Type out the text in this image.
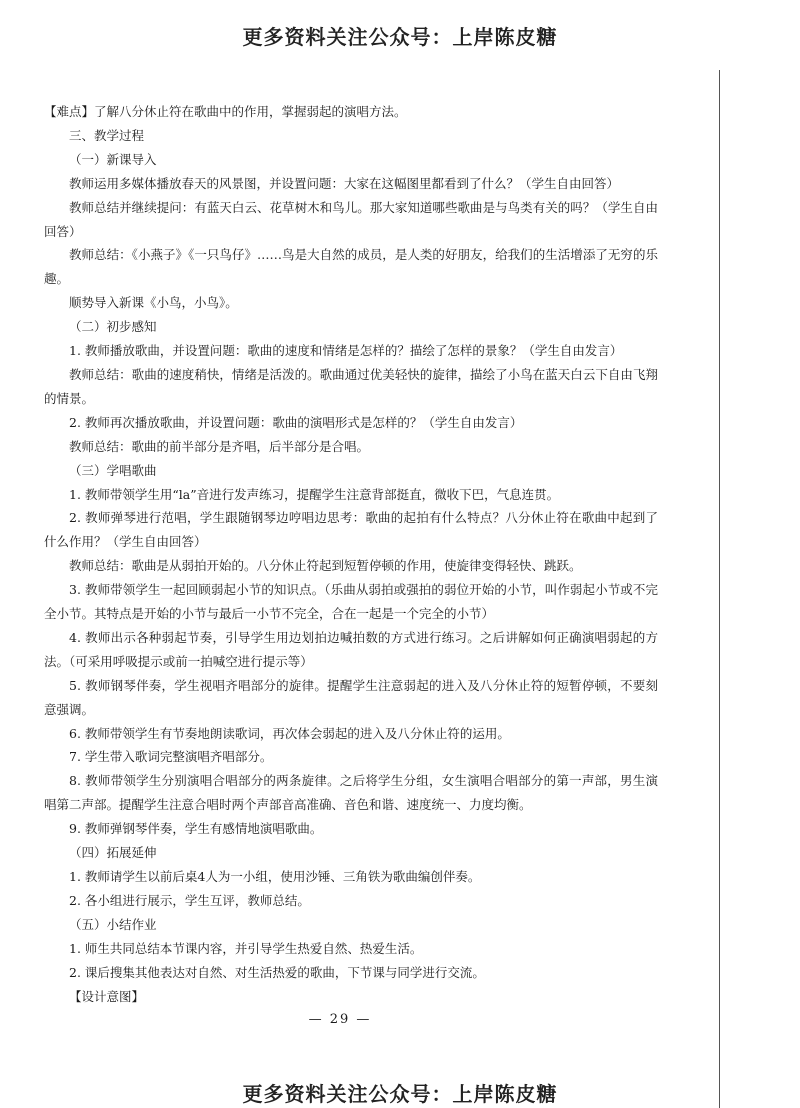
更多资料关注公众号：上岸陈皮糖

【难点】了解八分休止符在歌曲中的作用，掌握弱起的演唱方法。

三、教学过程

（一）新课导入

教师运用多媒体播放春天的风景图，并设置问题：大家在这幅图里都看到了什么？（学生自由回答）

教师总结并继续提问：有蓝天白云、花草树木和鸟儿。那大家知道哪些歌曲是与鸟类有关的吗？（学生自由回答）

教师总结：《小燕子》《一只鸟仔》……鸟是大自然的成员，是人类的好朋友，给我们的生活增添了无穷的乐趣。

顺势导入新课《小鸟，小鸟》。

（二）初步感知

1. 教师播放歌曲，并设置问题：歌曲的速度和情绪是怎样的？描绘了怎样的景象？（学生自由发言）

教师总结：歌曲的速度稍快，情绪是活泼的。歌曲通过优美轻快的旋律，描绘了小鸟在蓝天白云下自由飞翔的情景。

2. 教师再次播放歌曲，并设置问题：歌曲的演唱形式是怎样的？（学生自由发言）

教师总结：歌曲的前半部分是齐唱，后半部分是合唱。

（三）学唱歌曲

1. 教师带领学生用“la”音进行发声练习，提醒学生注意背部挺直，微收下巴，气息连贯。

2. 教师弹琴进行范唱，学生跟随钢琴边哼唱边思考：歌曲的起拍有什么特点？八分休止符在歌曲中起到了什么作用？（学生自由回答）

教师总结：歌曲是从弱拍开始的。八分休止符起到短暂停顿的作用，使旋律变得轻快、跳跃。

3. 教师带领学生一起回顾弱起小节的知识点。（乐曲从弱拍或强拍的弱位开始的小节，叫作弱起小节或不完全小节。其特点是开始的小节与最后一小节不完全，合在一起是一个完全的小节）

4. 教师出示各种弱起节奏，引导学生用边划拍边喊拍数的方式进行练习。之后讲解如何正确演唱弱起的方法。（可采用呼吸提示或前一拍喊空进行提示等）

5. 教师钢琴伴奏，学生视唱齐唱部分的旋律。提醒学生注意弱起的进入及八分休止符的短暂停顿，不要刻意强调。

6. 教师带领学生有节奏地朗读歌词，再次体会弱起的进入及八分休止符的运用。

7. 学生带入歌词完整演唱齐唱部分。

8. 教师带领学生分别演唱合唱部分的两条旋律。之后将学生分组，女生演唱合唱部分的第一声部，男生演唱第二声部。提醒学生注意合唱时两个声部音高准确、音色和谐、速度统一、力度均衡。

9. 教师弹钢琴伴奏，学生有感情地演唱歌曲。

（四）拓展延伸

1. 教师请学生以前后桌4人为一小组，使用沙锤、三角铁为歌曲编创伴奏。

2. 各小组进行展示，学生互评，教师总结。

（五）小结作业

1. 师生共同总结本节课内容，并引导学生热爱自然、热爱生活。

2. 课后搜集其他表达对自然、对生活热爱的歌曲，下节课与同学进行交流。

【设计意图】

— 29 —
更多资料关注公众号：上岸陈皮糖
